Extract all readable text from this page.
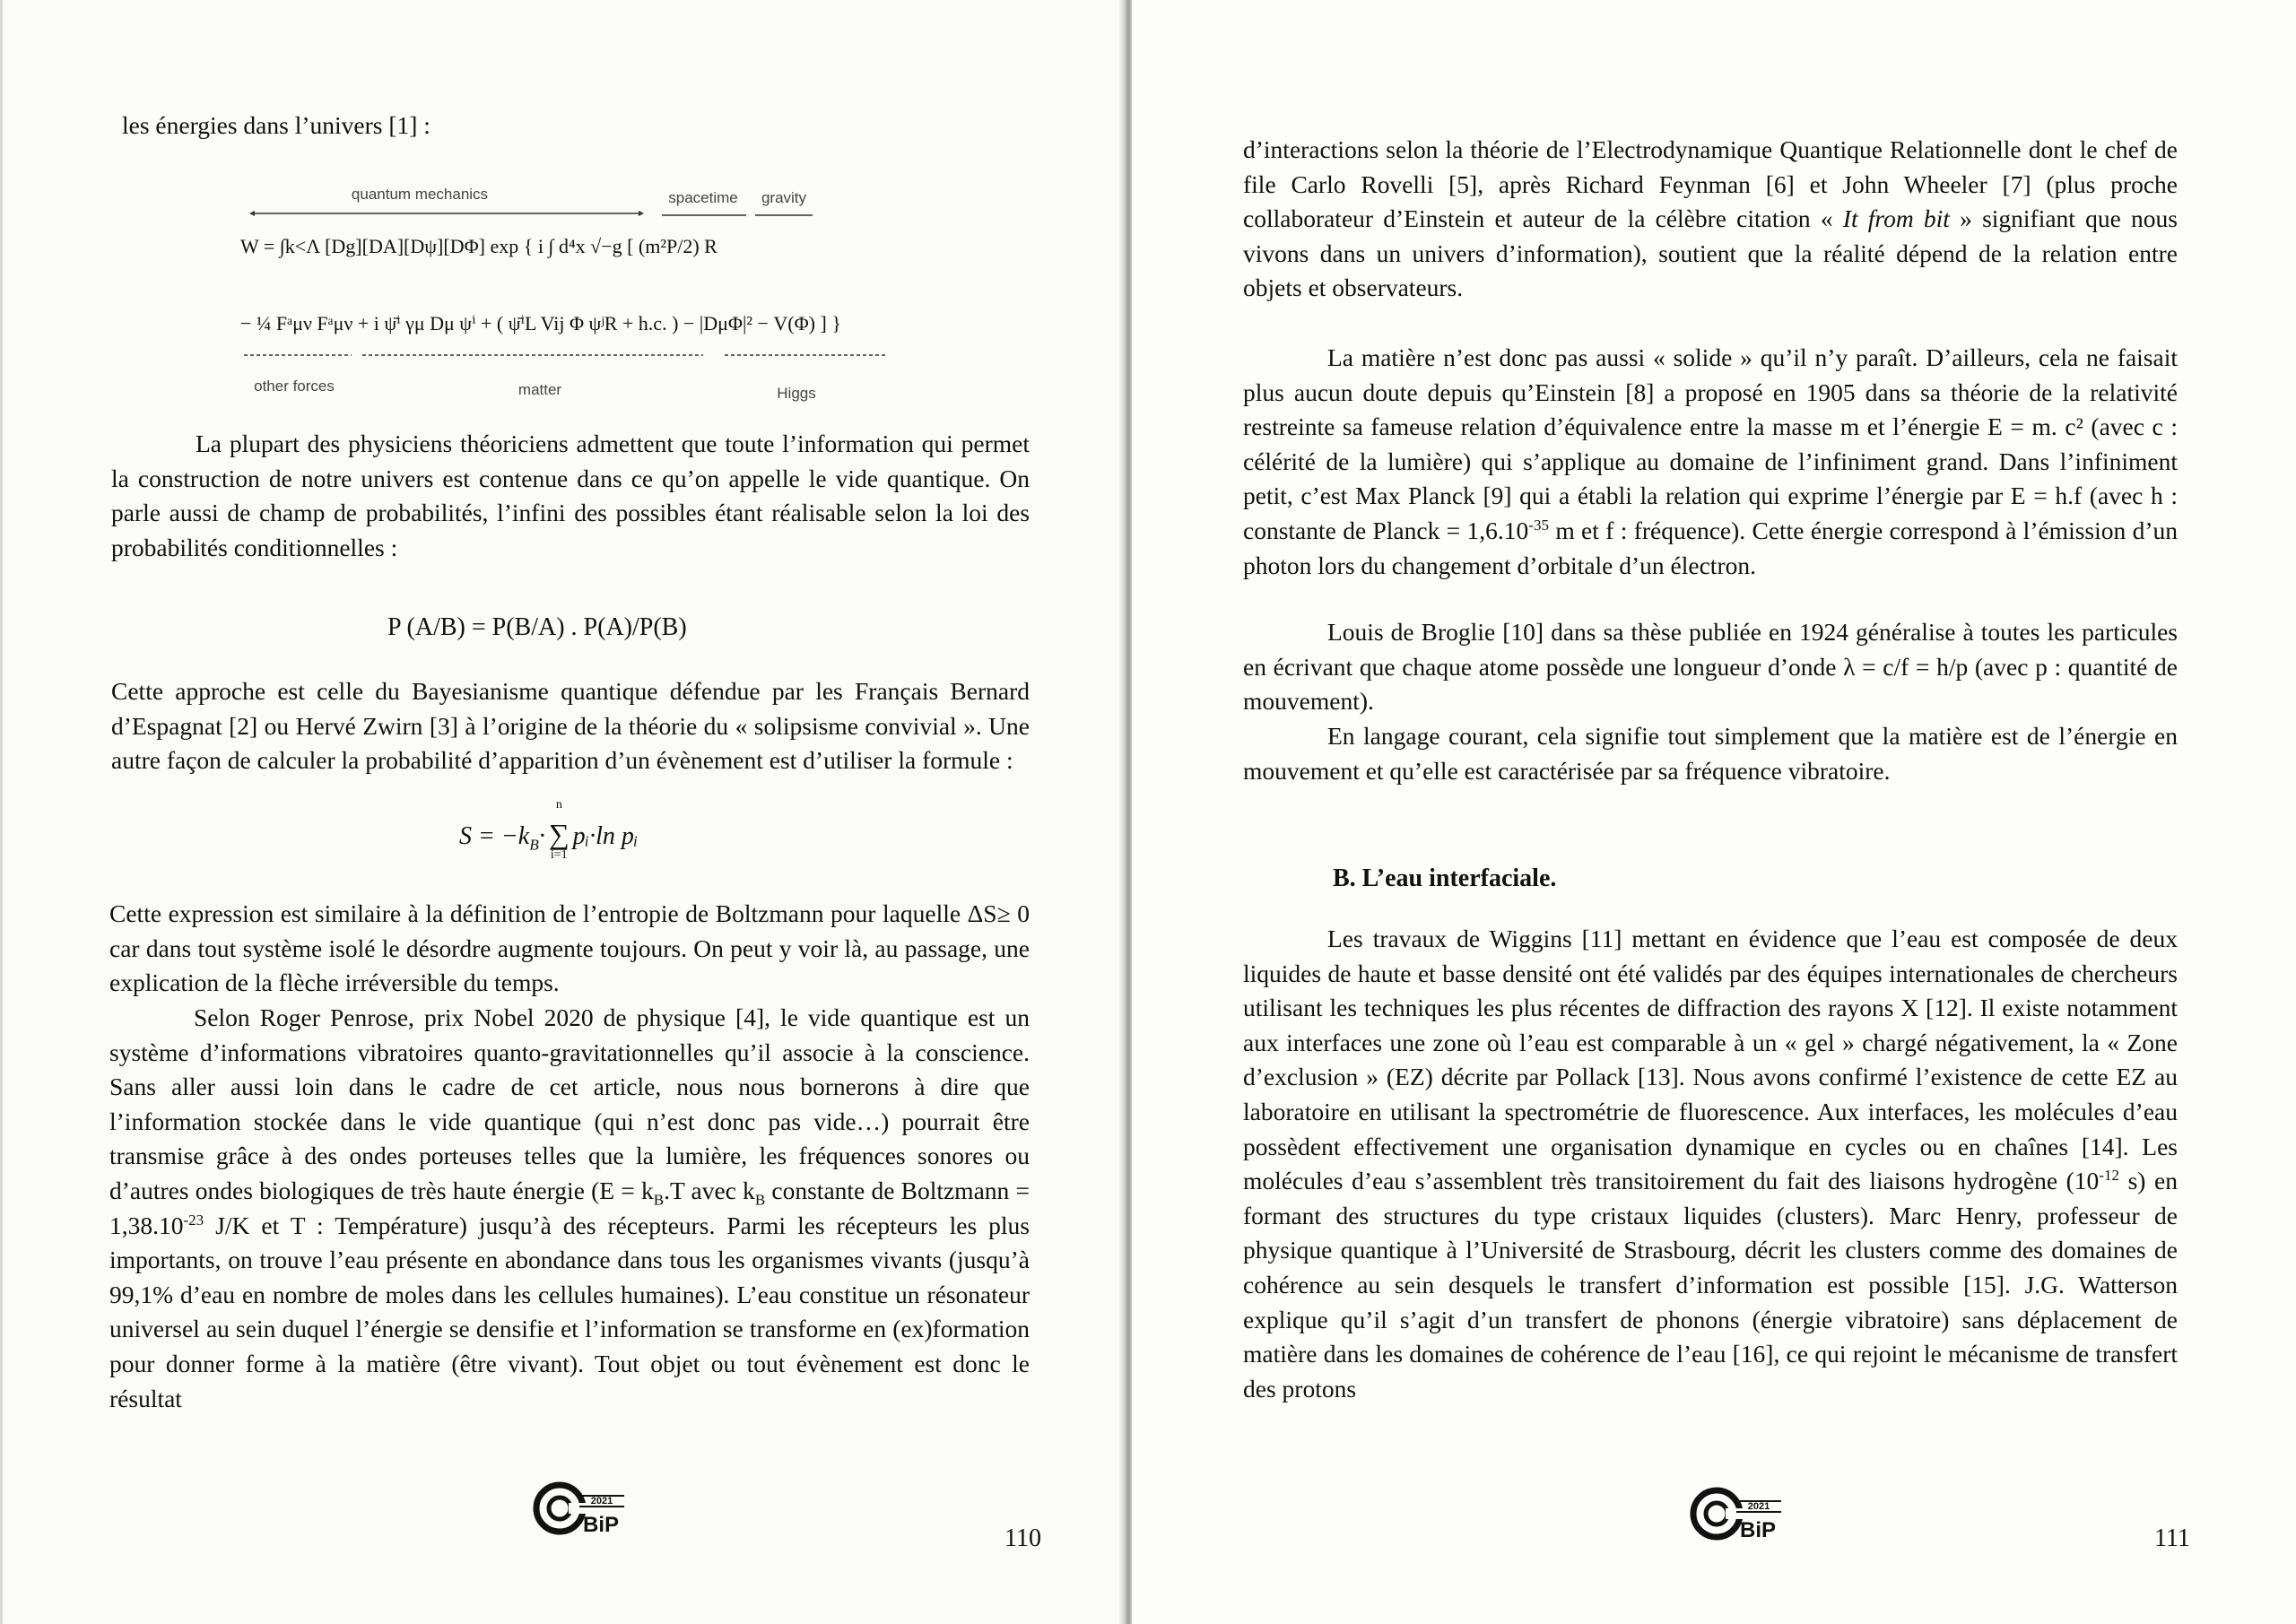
les énergies dans l’univers [1] :
quantum mechanics	spacetime gravity
W = ∫k<Λ [Dg][DA][Dψ][DΦ] exp { i ∫ d⁴x √−g [ (m²P/2) R
− ¼ Fᵃμν Fᵃμν + i ψ̄ⁱ γμ Dμ ψⁱ + ( ψ̄ⁱL Vij Φ ψʲR + h.c. ) − |DμΦ|² − V(Φ) ] }
other forces	matter	Higgs

La plupart des physiciens théoriciens admettent que toute l’information qui permet la construction de notre univers est contenue dans ce qu’on appelle le vide quantique. On parle aussi de champ de probabilités, l’infini des possibles étant réalisable selon la loi des probabilités conditionnelles :

P (A/B) = P(B/A) . P(A)/P(B)

Cette approche est celle du Bayesianisme quantique défendue par les Français Bernard d’Espagnat [2] ou Hervé Zwirn [3] à l’origine de la théorie du « solipsisme convivial ». Une autre façon de calculer la probabilité d’apparition d’un évènement est d’utiliser la formule :

$S = -k_B\cdot$
n
∑
i=1
pᵢ·ln pᵢ

Cette expression est similaire à la définition de l’entropie de Boltzmann pour laquelle ΔS≥ 0 car dans tout système isolé le désordre augmente toujours. On peut y voir là, au passage, une explication de la flèche irréversible du temps.

Selon Roger Penrose, prix Nobel 2020 de physique [4], le vide quantique est un système d’informations vibratoires quanto-gravitationnelles qu’il associe à la conscience. Sans aller aussi loin dans le cadre de cet article, nous nous bornerons à dire que l’information stockée dans le vide quantique (qui n’est donc pas vide…) pourrait être transmise grâce à des ondes porteuses telles que la lumière, les fréquences sonores ou d’autres ondes biologiques de très haute énergie ($E = k_B.T$ avec $k_B$ constante de Boltzmann = $1,38.10^{-23}$ J/K et T : Température) jusqu’à des récepteurs. Parmi les récepteurs les plus importants, on trouve l’eau présente en abondance dans tous les organismes vivants (jusqu’à 99,1% d’eau en nombre de moles dans les cellules humaines). L’eau constitue un résonateur universel au sein duquel l’énergie se densifie et l’information se transforme en (ex)formation pour donner forme à la matière (être vivant). Tout objet ou tout évènement est donc le résultat

2021
BiP	110

d’interactions selon la théorie de l’Electrodynamique Quantique Relationnelle dont le chef de file Carlo Rovelli [5], après Richard Feynman [6] et John Wheeler [7] (plus proche collaborateur d’Einstein et auteur de la célèbre citation « It from bit » signifiant que nous vivons dans un univers d’information), soutient que la réalité dépend de la relation entre objets et observateurs.

La matière n’est donc pas aussi « solide » qu’il n’y paraît. D’ailleurs, cela ne faisait plus aucun doute depuis qu’Einstein [8] a proposé en 1905 dans sa théorie de la relativité restreinte sa fameuse relation d’équivalence entre la masse m et l’énergie E = m. c² (avec c : célérité de la lumière) qui s’applique au domaine de l’infiniment grand. Dans l’infiniment petit, c’est Max Planck [9] qui a établi la relation qui exprime l’énergie par E = h.f (avec h : constante de Planck = $1,6.10^{-35}$ m et f : fréquence). Cette énergie correspond à l’émission d’un photon lors du changement d’orbitale d’un électron.

Louis de Broglie [10] dans sa thèse publiée en 1924 généralise à toutes les particules en écrivant que chaque atome possède une longueur d’onde λ = c/f = h/p (avec p : quantité de mouvement).

En langage courant, cela signifie tout simplement que la matière est de l’énergie en mouvement et qu’elle est caractérisée par sa fréquence vibratoire.

B. L’eau interfaciale.

Les travaux de Wiggins [11] mettant en évidence que l’eau est composée de deux liquides de haute et basse densité ont été validés par des équipes internationales de chercheurs utilisant les techniques les plus récentes de diffraction des rayons X [12]. Il existe notamment aux interfaces une zone où l’eau est comparable à un « gel » chargé négativement, la « Zone d’exclusion » (EZ) décrite par Pollack [13]. Nous avons confirmé l’existence de cette EZ au laboratoire en utilisant la spectrométrie de fluorescence. Aux interfaces, les molécules d’eau possèdent effectivement une organisation dynamique en cycles ou en chaînes [14]. Les molécules d’eau s’assemblent très transitoirement du fait des liaisons hydrogène ($10^{-12}$ s) en formant des structures du type cristaux liquides (clusters). Marc Henry, professeur de physique quantique à l’Université de Strasbourg, décrit les clusters comme des domaines de cohérence au sein desquels le transfert d’information est possible [15]. J.G. Watterson explique qu’il s’agit d’un transfert de phonons (énergie vibratoire) sans déplacement de matière dans les domaines de cohérence de l’eau [16], ce qui rejoint le mécanisme de transfert des protons

2021
BiP	111
